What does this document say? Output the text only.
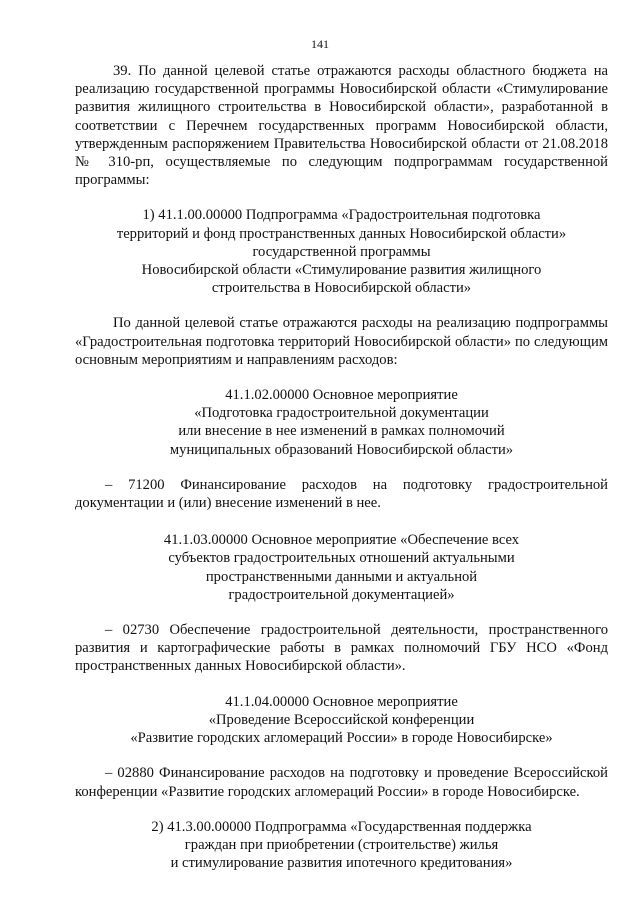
141

39. По данной целевой статье отражаются расходы областного бюджета на реализацию государственной программы Новосибирской области «Стимулирование развития жилищного строительства в Новосибирской области», разработанной в соответствии с Перечнем государственных программ Новосибирской области, утвержденным распоряжением Правительства Новосибирской области от 21.08.2018 № 310-рп, осуществляемые по следующим подпрограммам государственной программы:

1) 41.1.00.00000 Подпрограмма «Градостроительная подготовка
территорий и фонд пространственных данных Новосибирской области»
государственной программы
Новосибирской области «Стимулирование развития жилищного
строительства в Новосибирской области»

По данной целевой статье отражаются расходы на реализацию подпрограммы «Градостроительная подготовка территорий Новосибирской области» по следующим основным мероприятиям и направлениям расходов:

41.1.02.00000 Основное мероприятие
«Подготовка градостроительной документации
или внесение в нее изменений в рамках полномочий
муниципальных образований Новосибирской области»

– 71200 Финансирование расходов на подготовку градостроительной документации и (или) внесение изменений в нее.

41.1.03.00000 Основное мероприятие «Обеспечение всех
субъектов градостроительных отношений актуальными
пространственными данными и актуальной
градостроительной документацией»

– 02730 Обеспечение градостроительной деятельности, пространственного развития и картографические работы в рамках полномочий ГБУ НСО «Фонд пространственных данных Новосибирской области».

41.1.04.00000 Основное мероприятие
«Проведение Всероссийской конференции
«Развитие городских агломераций России» в городе Новосибирске»

– 02880 Финансирование расходов на подготовку и проведение Всероссийской конференции «Развитие городских агломераций России» в городе Новосибирске.

2) 41.3.00.00000 Подпрограмма «Государственная поддержка
граждан при приобретении (строительстве) жилья
и стимулирование развития ипотечного кредитования»
